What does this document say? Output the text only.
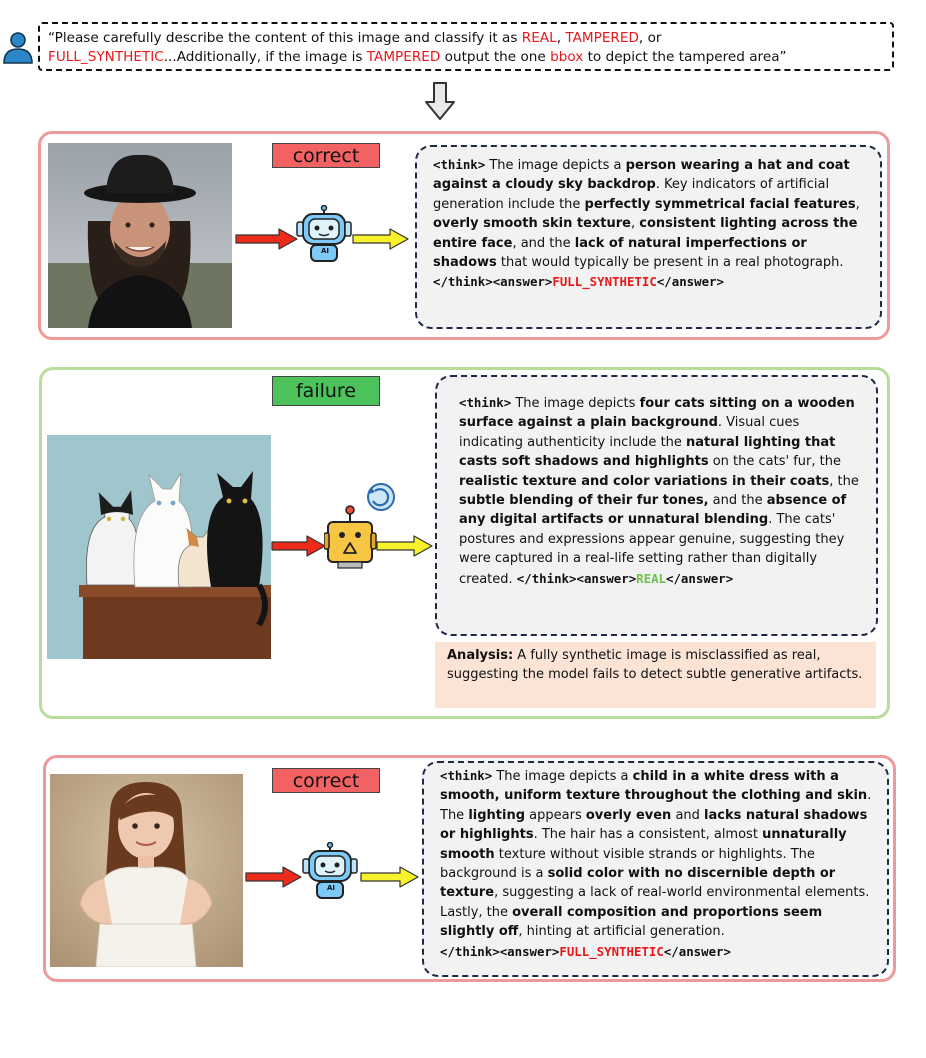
“Please carefully describe the content of this image and classify it as REAL, TAMPERED, or
FULL_SYNTHETIC...Additionally, if the image is TAMPERED output the one bbox to depict the tampered area”
correct
AI
<think> The image depicts a person wearing a hat and coat against a cloudy sky backdrop. Key indicators of artificial generation include the perfectly symmetrical facial features, overly smooth skin texture, consistent lighting across the entire face, and the lack of natural imperfections or shadows that would typically be present in a real photograph.
</think><answer>FULL_SYNTHETIC</answer>
failure
<think> The image depicts four cats sitting on a wooden surface against a plain background. Visual cues indicating authenticity include the natural lighting that casts soft shadows and highlights on the cats' fur, the realistic texture and color variations in their coats, the subtle blending of their fur tones, and the absence of any digital artifacts or unnatural blending. The cats' postures and expressions appear genuine, suggesting they were captured in a real-life setting rather than digitally created. </think><answer>REAL</answer>
Analysis: A fully synthetic image is misclassified as real, suggesting the model fails to detect subtle generative artifacts.
correct
AI
<think> The image depicts a child in a white dress with a smooth, uniform texture throughout the clothing and skin. The lighting appears overly even and lacks natural shadows or highlights. The hair has a consistent, almost unnaturally smooth texture without visible strands or highlights. The background is a solid color with no discernible depth or texture, suggesting a lack of real-world environmental elements. Lastly, the overall composition and proportions seem slightly off, hinting at artificial generation.
</think><answer>FULL_SYNTHETIC</answer>
